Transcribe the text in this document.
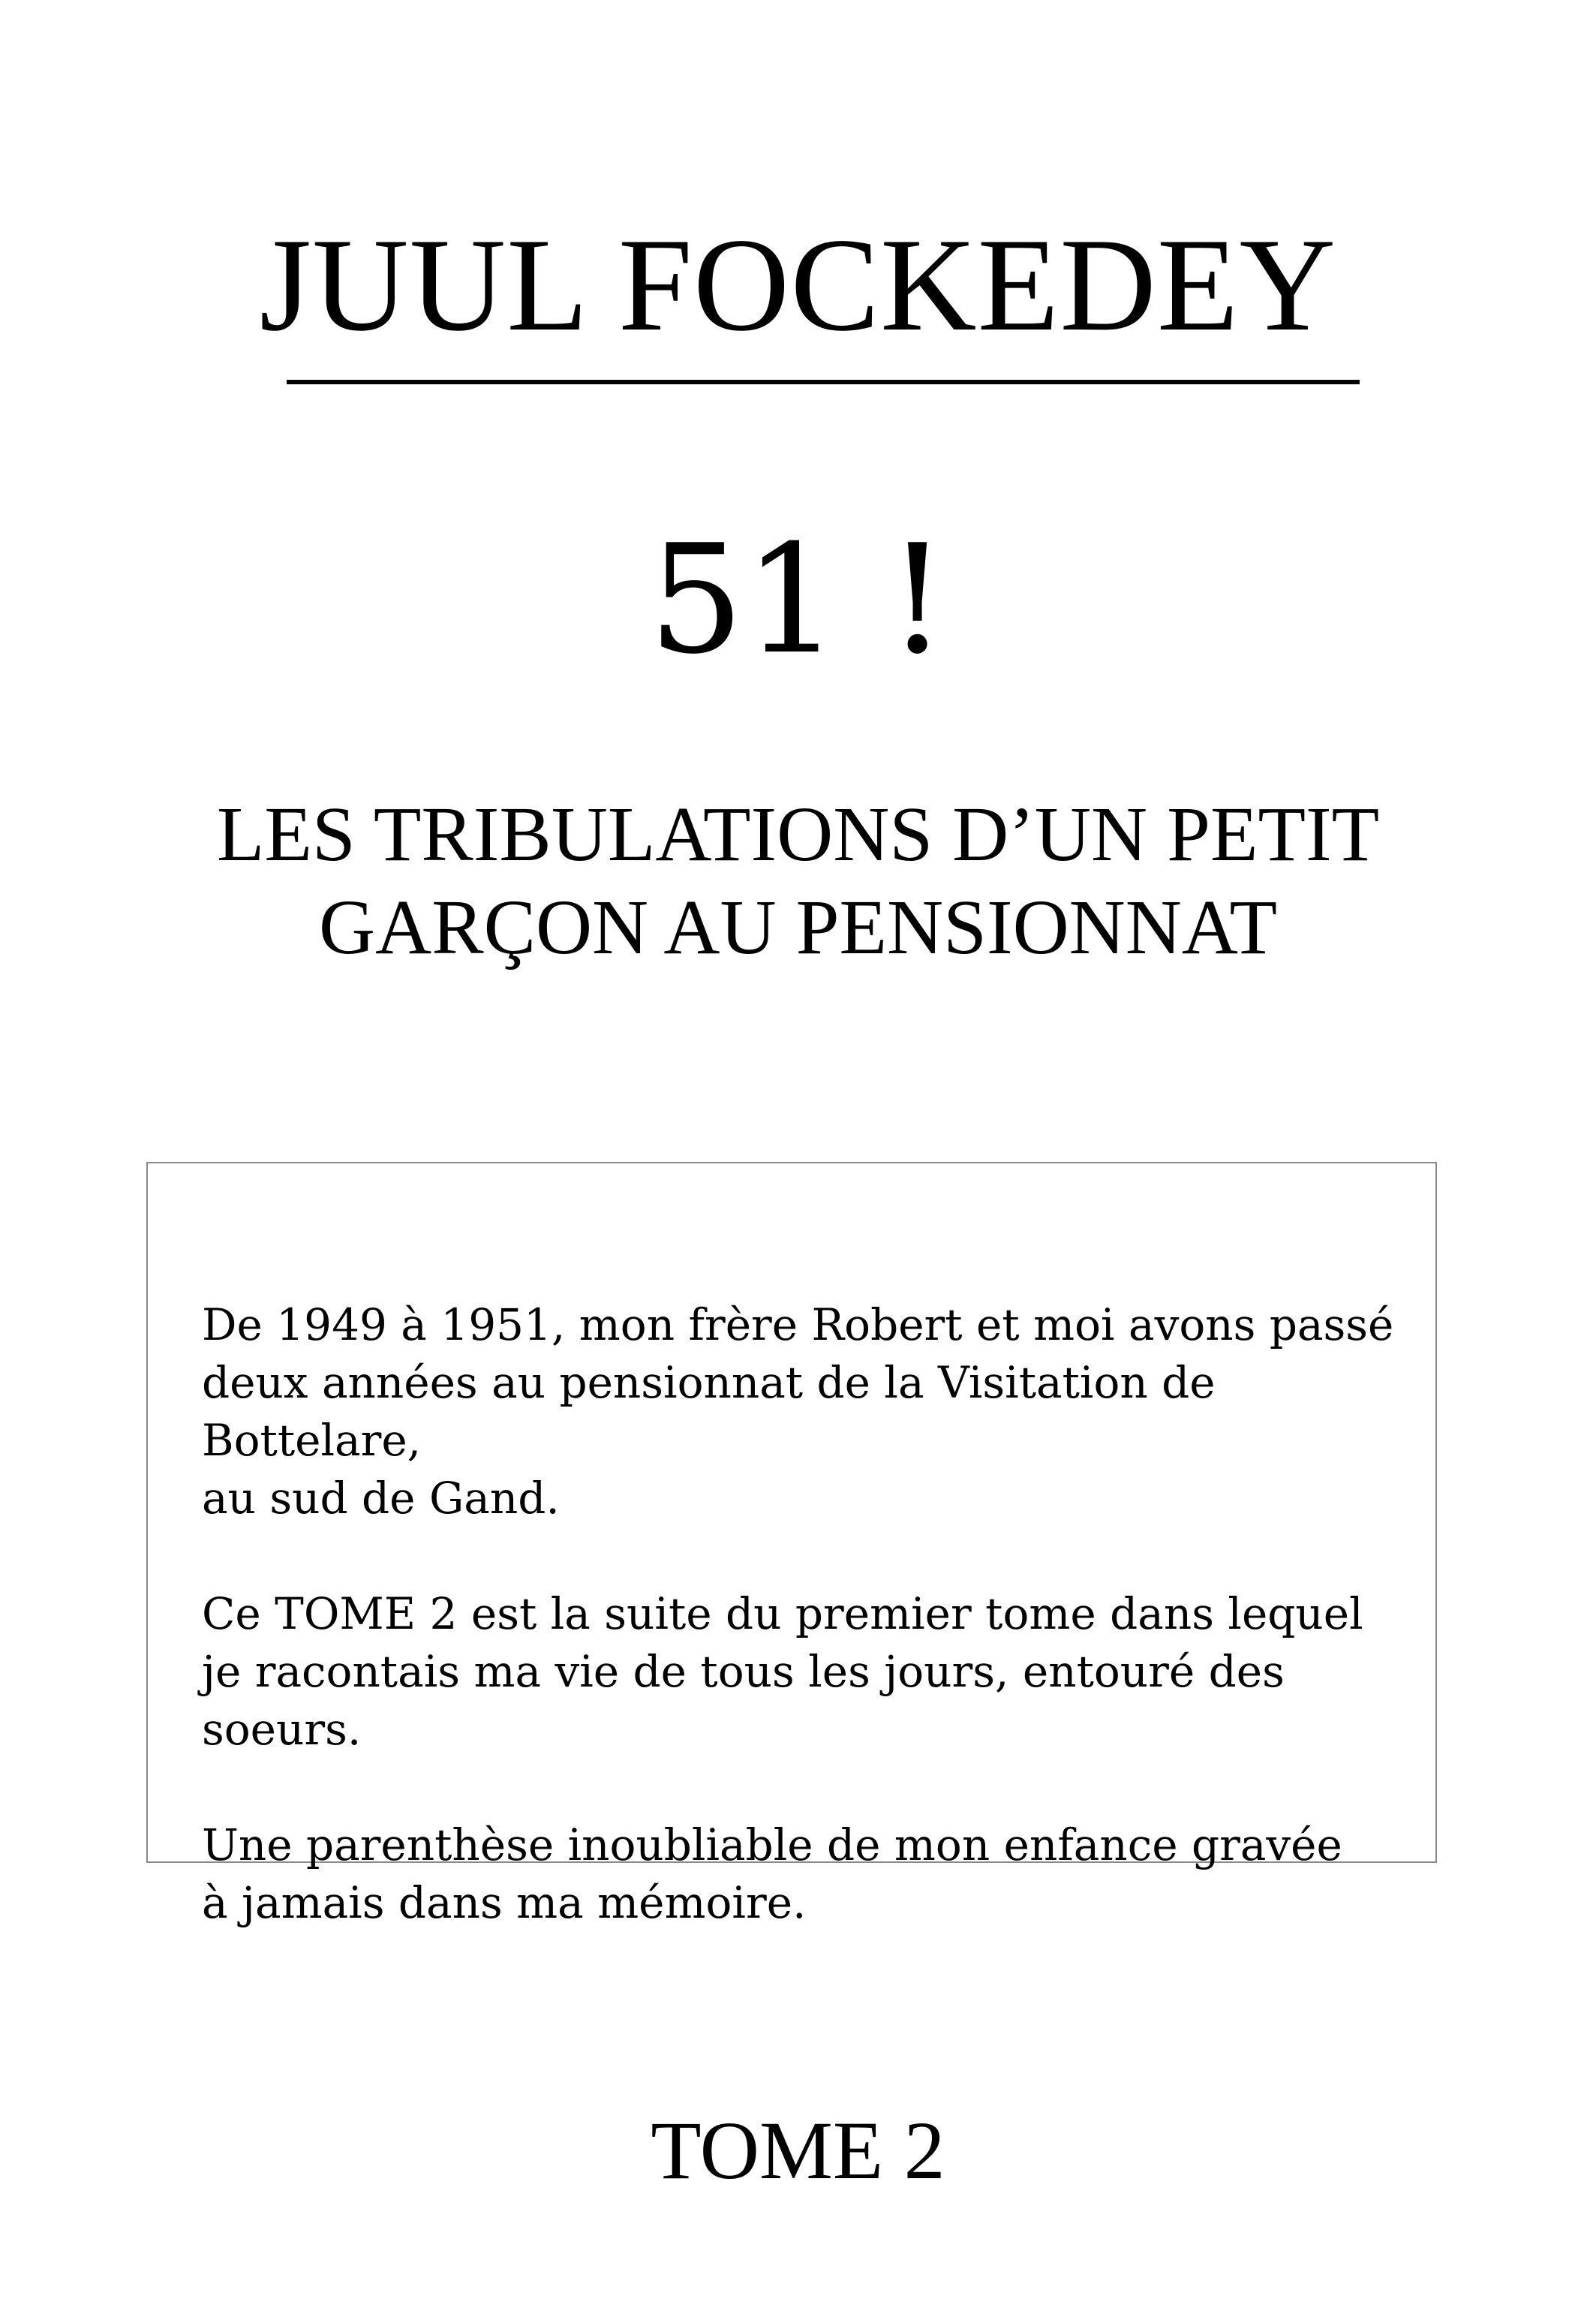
JUUL FOCKEDEY
51 !
LES TRIBULATIONS D’UN PETIT
GARÇON AU PENSIONNAT

De 1949 à 1951, mon frère Robert et moi avons passé
deux années au pensionnat de la Visitation de Bottelare,
au sud de Gand.

Ce TOME 2 est la suite du premier tome dans lequel
je racontais ma vie de tous les jours, entouré des soeurs.

Une parenthèse inoubliable de mon enfance gravée
à jamais dans ma mémoire.

TOME 2
